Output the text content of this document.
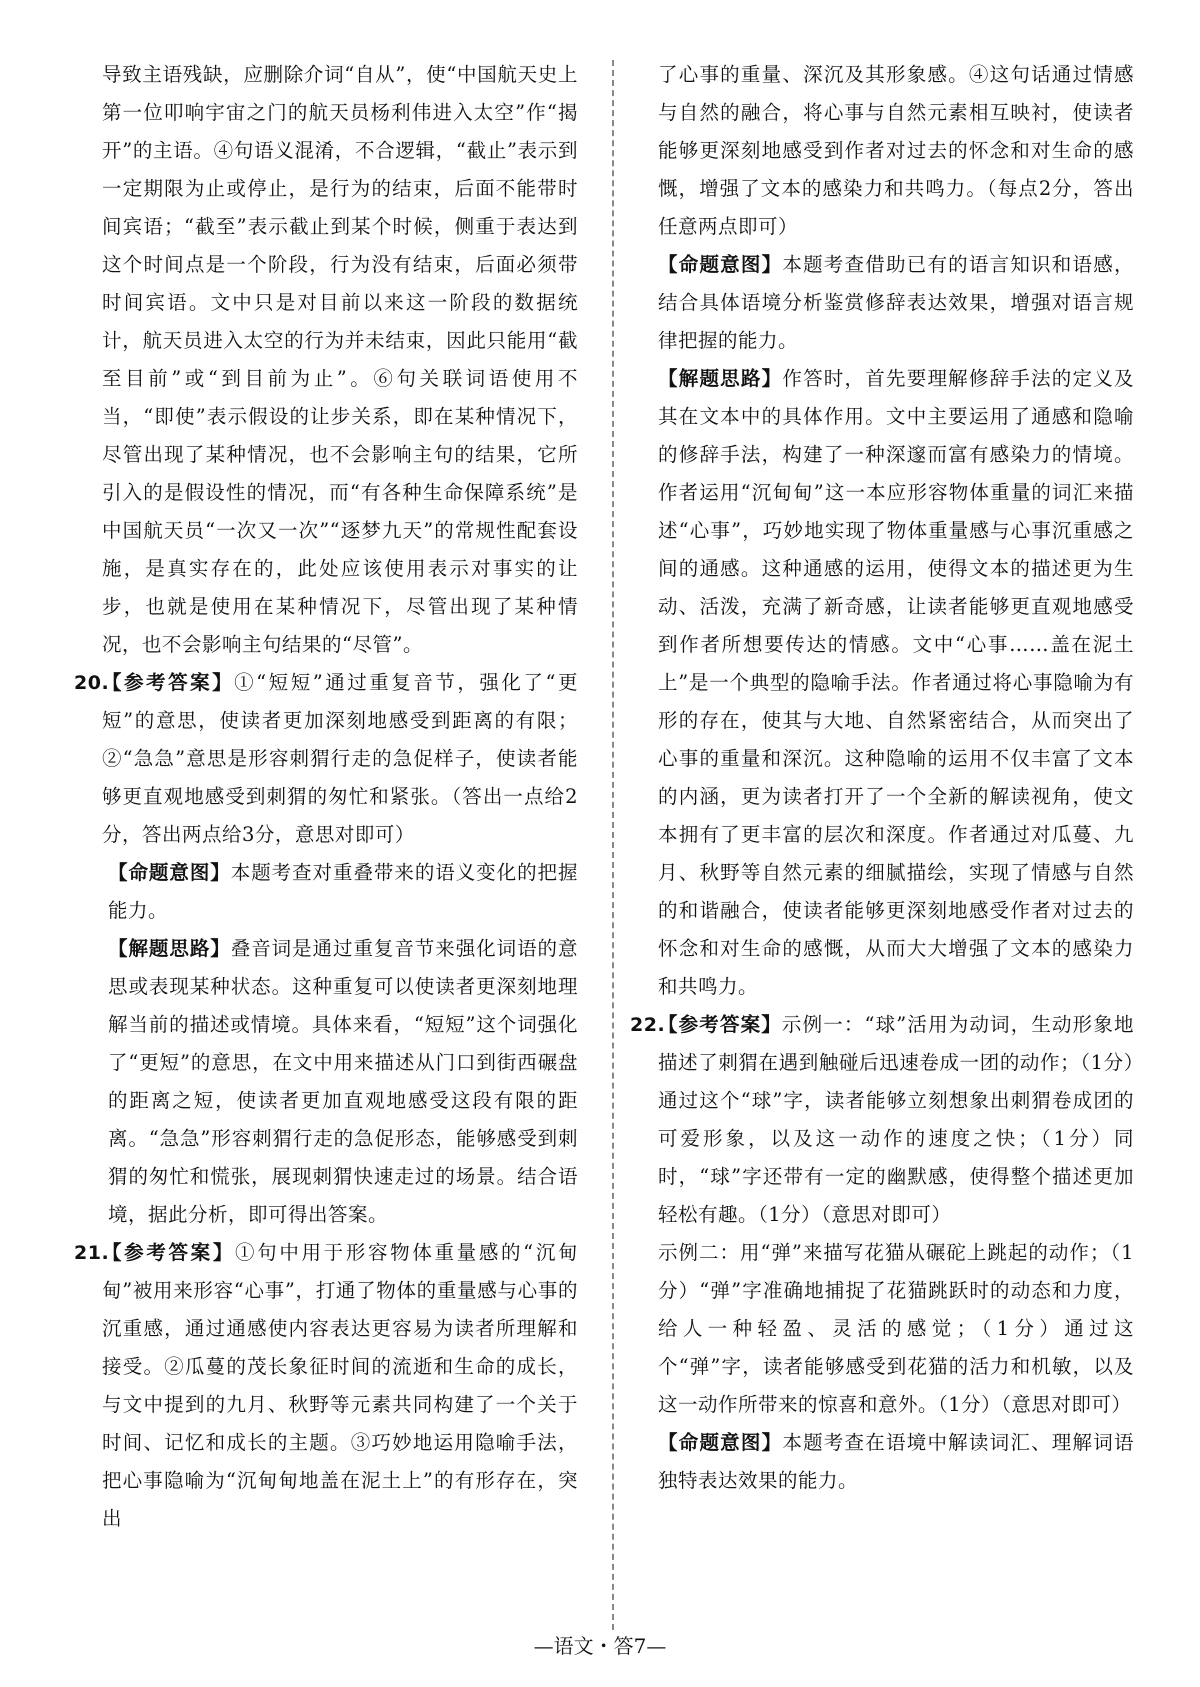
导致主语残缺，应删除介词“自从”，使“中国航天史上第一位叩响宇宙之门的航天员杨利伟进入太空”作“揭开”的主语。④句语义混淆，不合逻辑，“截止”表示到一定期限为止或停止，是行为的结束，后面不能带时间宾语；“截至”表示截止到某个时候，侧重于表达到这个时间点是一个阶段，行为没有结束，后面必须带时间宾语。文中只是对目前以来这一阶段的数据统计，航天员进入太空的行为并未结束，因此只能用“截至目前”或“到目前为止”。⑥句关联词语使用不当，“即使”表示假设的让步关系，即在某种情况下，尽管出现了某种情况，也不会影响主句的结果，它所引入的是假设性的情况，而“有各种生命保障系统”是中国航天员“一次又一次”“逐梦九天”的常规性配套设施，是真实存在的，此处应该使用表示对事实的让步，也就是使用在某种情况下，尽管出现了某种情况，也不会影响主句结果的“尽管”。

20.

【参考答案】①“短短”通过重复音节，强化了“更短”的意思，使读者更加深刻地感受到距离的有限；②“急急”意思是形容刺猬行走的急促样子，使读者能够更直观地感受到刺猬的匆忙和紧张。（答出一点给2分，答出两点给3分，意思对即可）

【命题意图】本题考查对重叠带来的语义变化的把握能力。

【解题思路】叠音词是通过重复音节来强化词语的意思或表现某种状态。这种重复可以使读者更深刻地理解当前的描述或情境。具体来看，“短短”这个词强化了“更短”的意思，在文中用来描述从门口到街西碾盘的距离之短，使读者更加直观地感受这段有限的距离。“急急”形容刺猬行走的急促形态，能够感受到刺猬的匆忙和慌张，展现刺猬快速走过的场景。结合语境，据此分析，即可得出答案。

21.

【参考答案】①句中用于形容物体重量感的“沉甸甸”被用来形容“心事”，打通了物体的重量感与心事的沉重感，通过通感使内容表达更容易为读者所理解和接受。②瓜蔓的茂长象征时间的流逝和生命的成长，与文中提到的九月、秋野等元素共同构建了一个关于时间、记忆和成长的主题。③巧妙地运用隐喻手法，把心事隐喻为“沉甸甸地盖在泥土上”的有形存在，突出

了心事的重量、深沉及其形象感。④这句话通过情感与自然的融合，将心事与自然元素相互映衬，使读者能够更深刻地感受到作者对过去的怀念和对生命的感慨，增强了文本的感染力和共鸣力。（每点2分，答出任意两点即可）

【命题意图】本题考查借助已有的语言知识和语感，结合具体语境分析鉴赏修辞表达效果，增强对语言规律把握的能力。

【解题思路】作答时，首先要理解修辞手法的定义及其在文本中的具体作用。文中主要运用了通感和隐喻的修辞手法，构建了一种深邃而富有感染力的情境。作者运用“沉甸甸”这一本应形容物体重量的词汇来描述“心事”，巧妙地实现了物体重量感与心事沉重感之间的通感。这种通感的运用，使得文本的描述更为生动、活泼，充满了新奇感，让读者能够更直观地感受到作者所想要传达的情感。文中“心事……盖在泥土上”是一个典型的隐喻手法。作者通过将心事隐喻为有形的存在，使其与大地、自然紧密结合，从而突出了心事的重量和深沉。这种隐喻的运用不仅丰富了文本的内涵，更为读者打开了一个全新的解读视角，使文本拥有了更丰富的层次和深度。作者通过对瓜蔓、九月、秋野等自然元素的细腻描绘，实现了情感与自然的和谐融合，使读者能够更深刻地感受作者对过去的怀念和对生命的感慨，从而大大增强了文本的感染力和共鸣力。

22.

【参考答案】示例一：“球”活用为动词，生动形象地描述了刺猬在遇到触碰后迅速卷成一团的动作；（1分）通过这个“球”字，读者能够立刻想象出刺猬卷成团的可爱形象，以及这一动作的速度之快；（1分）同时，“球”字还带有一定的幽默感，使得整个描述更加轻松有趣。（1分）（意思对即可）

示例二：用“弹”来描写花猫从碾砣上跳起的动作；（1分）“弹”字准确地捕捉了花猫跳跃时的动态和力度，给人一种轻盈、灵活的感觉；（1分）通过这个“弹”字，读者能够感受到花猫的活力和机敏，以及这一动作所带来的惊喜和意外。（1分）（意思对即可）

【命题意图】本题考查在语境中解读词汇、理解词语独特表达效果的能力。

—语文・答7—
